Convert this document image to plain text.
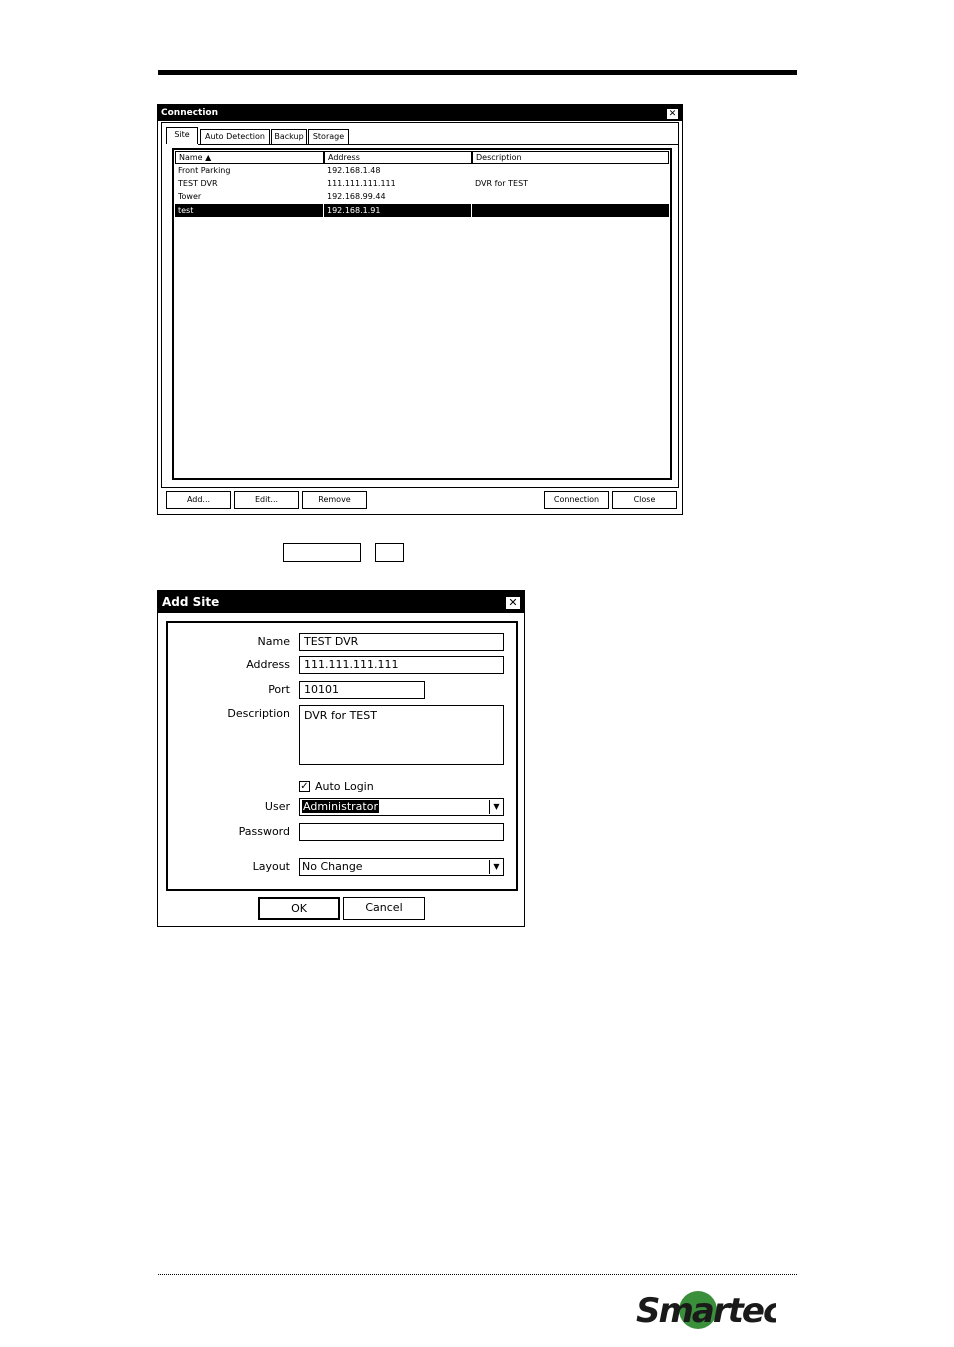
Connection	✕
Site	Auto Detection	Backup	Storage
Name ▲	Address	Description
Front Parking	192.168.1.48
TEST DVR	111.111.111.111	DVR for TEST
Tower	192.168.99.44
test	192.168.1.91
Add...	Edit...	Remove	Connection	Close
Add Site	✕
Name	TEST DVR
Address	111.111.111.111
Port	10101
Description	DVR for TEST
✓ Auto Login
User	Administrator	▼
Password
Layout No Change	▼
OK	Cancel
Smartec
